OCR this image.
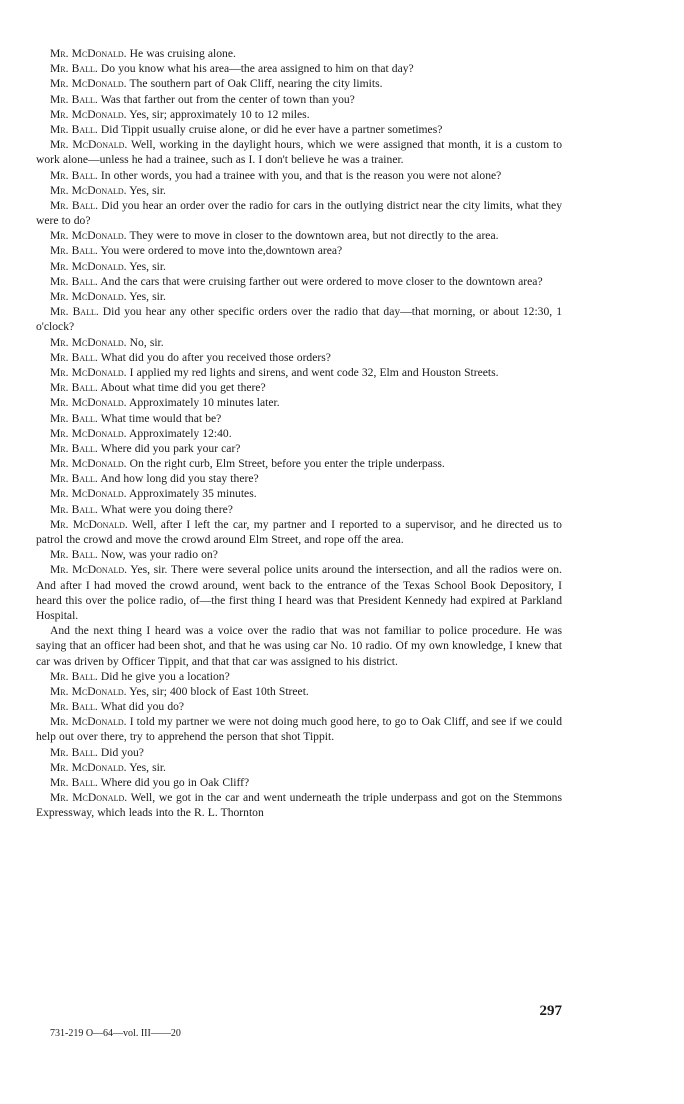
Mr. McDonald. He was cruising alone.

Mr. Ball. Do you know what his area—the area assigned to him on that day?

Mr. McDonald. The southern part of Oak Cliff, nearing the city limits.

Mr. Ball. Was that farther out from the center of town than you?

Mr. McDonald. Yes, sir; approximately 10 to 12 miles.

Mr. Ball. Did Tippit usually cruise alone, or did he ever have a partner sometimes?

Mr. McDonald. Well, working in the daylight hours, which we were assigned that month, it is a custom to work alone—unless he had a trainee, such as I. I don't believe he was a trainer.

Mr. Ball. In other words, you had a trainee with you, and that is the reason you were not alone?

Mr. McDonald. Yes, sir.

Mr. Ball. Did you hear an order over the radio for cars in the outlying district near the city limits, what they were to do?

Mr. McDonald. They were to move in closer to the downtown area, but not directly to the area.

Mr. Ball. You were ordered to move into the,downtown area?

Mr. McDonald. Yes, sir.

Mr. Ball. And the cars that were cruising farther out were ordered to move closer to the downtown area?

Mr. McDonald. Yes, sir.

Mr. Ball. Did you hear any other specific orders over the radio that day—that morning, or about 12:30, 1 o'clock?

Mr. McDonald. No, sir.

Mr. Ball. What did you do after you received those orders?

Mr. McDonald. I applied my red lights and sirens, and went code 32, Elm and Houston Streets.

Mr. Ball. About what time did you get there?

Mr. McDonald. Approximately 10 minutes later.

Mr. Ball. What time would that be?

Mr. McDonald. Approximately 12:40.

Mr. Ball. Where did you park your car?

Mr. McDonald. On the right curb, Elm Street, before you enter the triple underpass.

Mr. Ball. And how long did you stay there?

Mr. McDonald. Approximately 35 minutes.

Mr. Ball. What were you doing there?

Mr. McDonald. Well, after I left the car, my partner and I reported to a supervisor, and he directed us to patrol the crowd and move the crowd around Elm Street, and rope off the area.

Mr. Ball. Now, was your radio on?

Mr. McDonald. Yes, sir. There were several police units around the intersection, and all the radios were on. And after I had moved the crowd around, went back to the entrance of the Texas School Book Depository, I heard this over the police radio, of—the first thing I heard was that President Kennedy had expired at Parkland Hospital.

And the next thing I heard was a voice over the radio that was not familiar to police procedure. He was saying that an officer had been shot, and that he was using car No. 10 radio. Of my own knowledge, I knew that car was driven by Officer Tippit, and that that car was assigned to his district.

Mr. Ball. Did he give you a location?

Mr. McDonald. Yes, sir; 400 block of East 10th Street.

Mr. Ball. What did you do?

Mr. McDonald. I told my partner we were not doing much good here, to go to Oak Cliff, and see if we could help out over there, try to apprehend the person that shot Tippit.

Mr. Ball. Did you?

Mr. McDonald. Yes, sir.

Mr. Ball. Where did you go in Oak Cliff?

Mr. McDonald. Well, we got in the car and went underneath the triple underpass and got on the Stemmons Expressway, which leads into the R. L. Thornton

297
731-219 O—64—vol. III——20
